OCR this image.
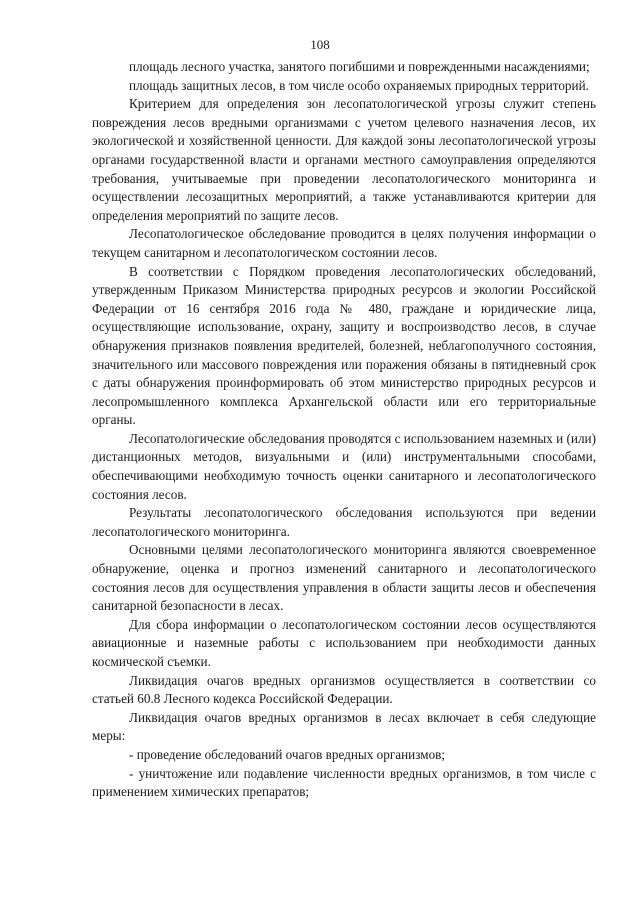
108

площадь лесного участка, занятого погибшими и поврежденными насаждениями;

площадь защитных лесов, в том числе особо охраняемых природных территорий.

Критерием для определения зон лесопатологической угрозы служит степень повреждения лесов вредными организмами с учетом целевого назначения лесов, их экологической и хозяйственной ценности. Для каждой зоны лесопатологической угрозы органами государственной власти и органами местного самоуправления определяются требования, учитываемые при проведении лесопатологического мониторинга и осуществлении лесозащитных мероприятий, а также устанавливаются критерии для определения мероприятий по защите лесов.

Лесопатологическое обследование проводится в целях получения информации о текущем санитарном и лесопатологическом состоянии лесов.

В соответствии с Порядком проведения лесопатологических обследований, утвержденным Приказом Министерства природных ресурсов и экологии Российской Федерации от 16 сентября 2016 года № 480, граждане и юридические лица, осуществляющие использование, охрану, защиту и воспроизводство лесов, в случае обнаружения признаков появления вредителей, болезней, неблагополучного состояния, значительного или массового повреждения или поражения обязаны в пятидневный срок с даты обнаружения проинформировать об этом министерство природных ресурсов и лесопромышленного комплекса Архангельской области или его территориальные органы.

Лесопатологические обследования проводятся с использованием наземных и (или) дистанционных методов, визуальными и (или) инструментальными способами, обеспечивающими необходимую точность оценки санитарного и лесопатологического состояния лесов.

Результаты лесопатологического обследования используются при ведении лесопатологического мониторинга.

Основными целями лесопатологического мониторинга являются своевременное обнаружение, оценка и прогноз изменений санитарного и лесопатологического состояния лесов для осуществления управления в области защиты лесов и обеспечения санитарной безопасности в лесах.

Для сбора информации о лесопатологическом состоянии лесов осуществляются авиационные и наземные работы с использованием при необходимости данных космической съемки.

Ликвидация очагов вредных организмов осуществляется в соответствии со статьей 60.8 Лесного кодекса Российской Федерации.

Ликвидация очагов вредных организмов в лесах включает в себя следующие меры:

- проведение обследований очагов вредных организмов;

- уничтожение или подавление численности вредных организмов, в том числе с применением химических препаратов;
